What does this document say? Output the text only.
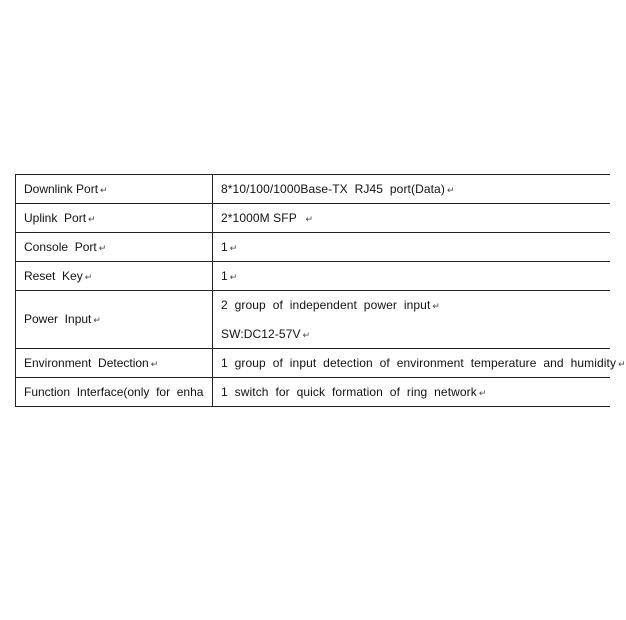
Downlink Port ↵	8*10/100/1000Base-TX  RJ45  port(Data) ↵

Uplink  Port ↵	2*1000M SFP  ↵

Console  Port ↵	1 ↵

Reset  Key ↵	1 ↵

Power  Input ↵	2  group  of  independent  power  input ↵
SW:DC12-57V ↵

Environment  Detection ↵	1  group  of  input  detection  of  environment  temperature  and  humidity ↵

Function  Interface(only  for  enha	1  switch  for  quick  formation  of  ring  network ↵
